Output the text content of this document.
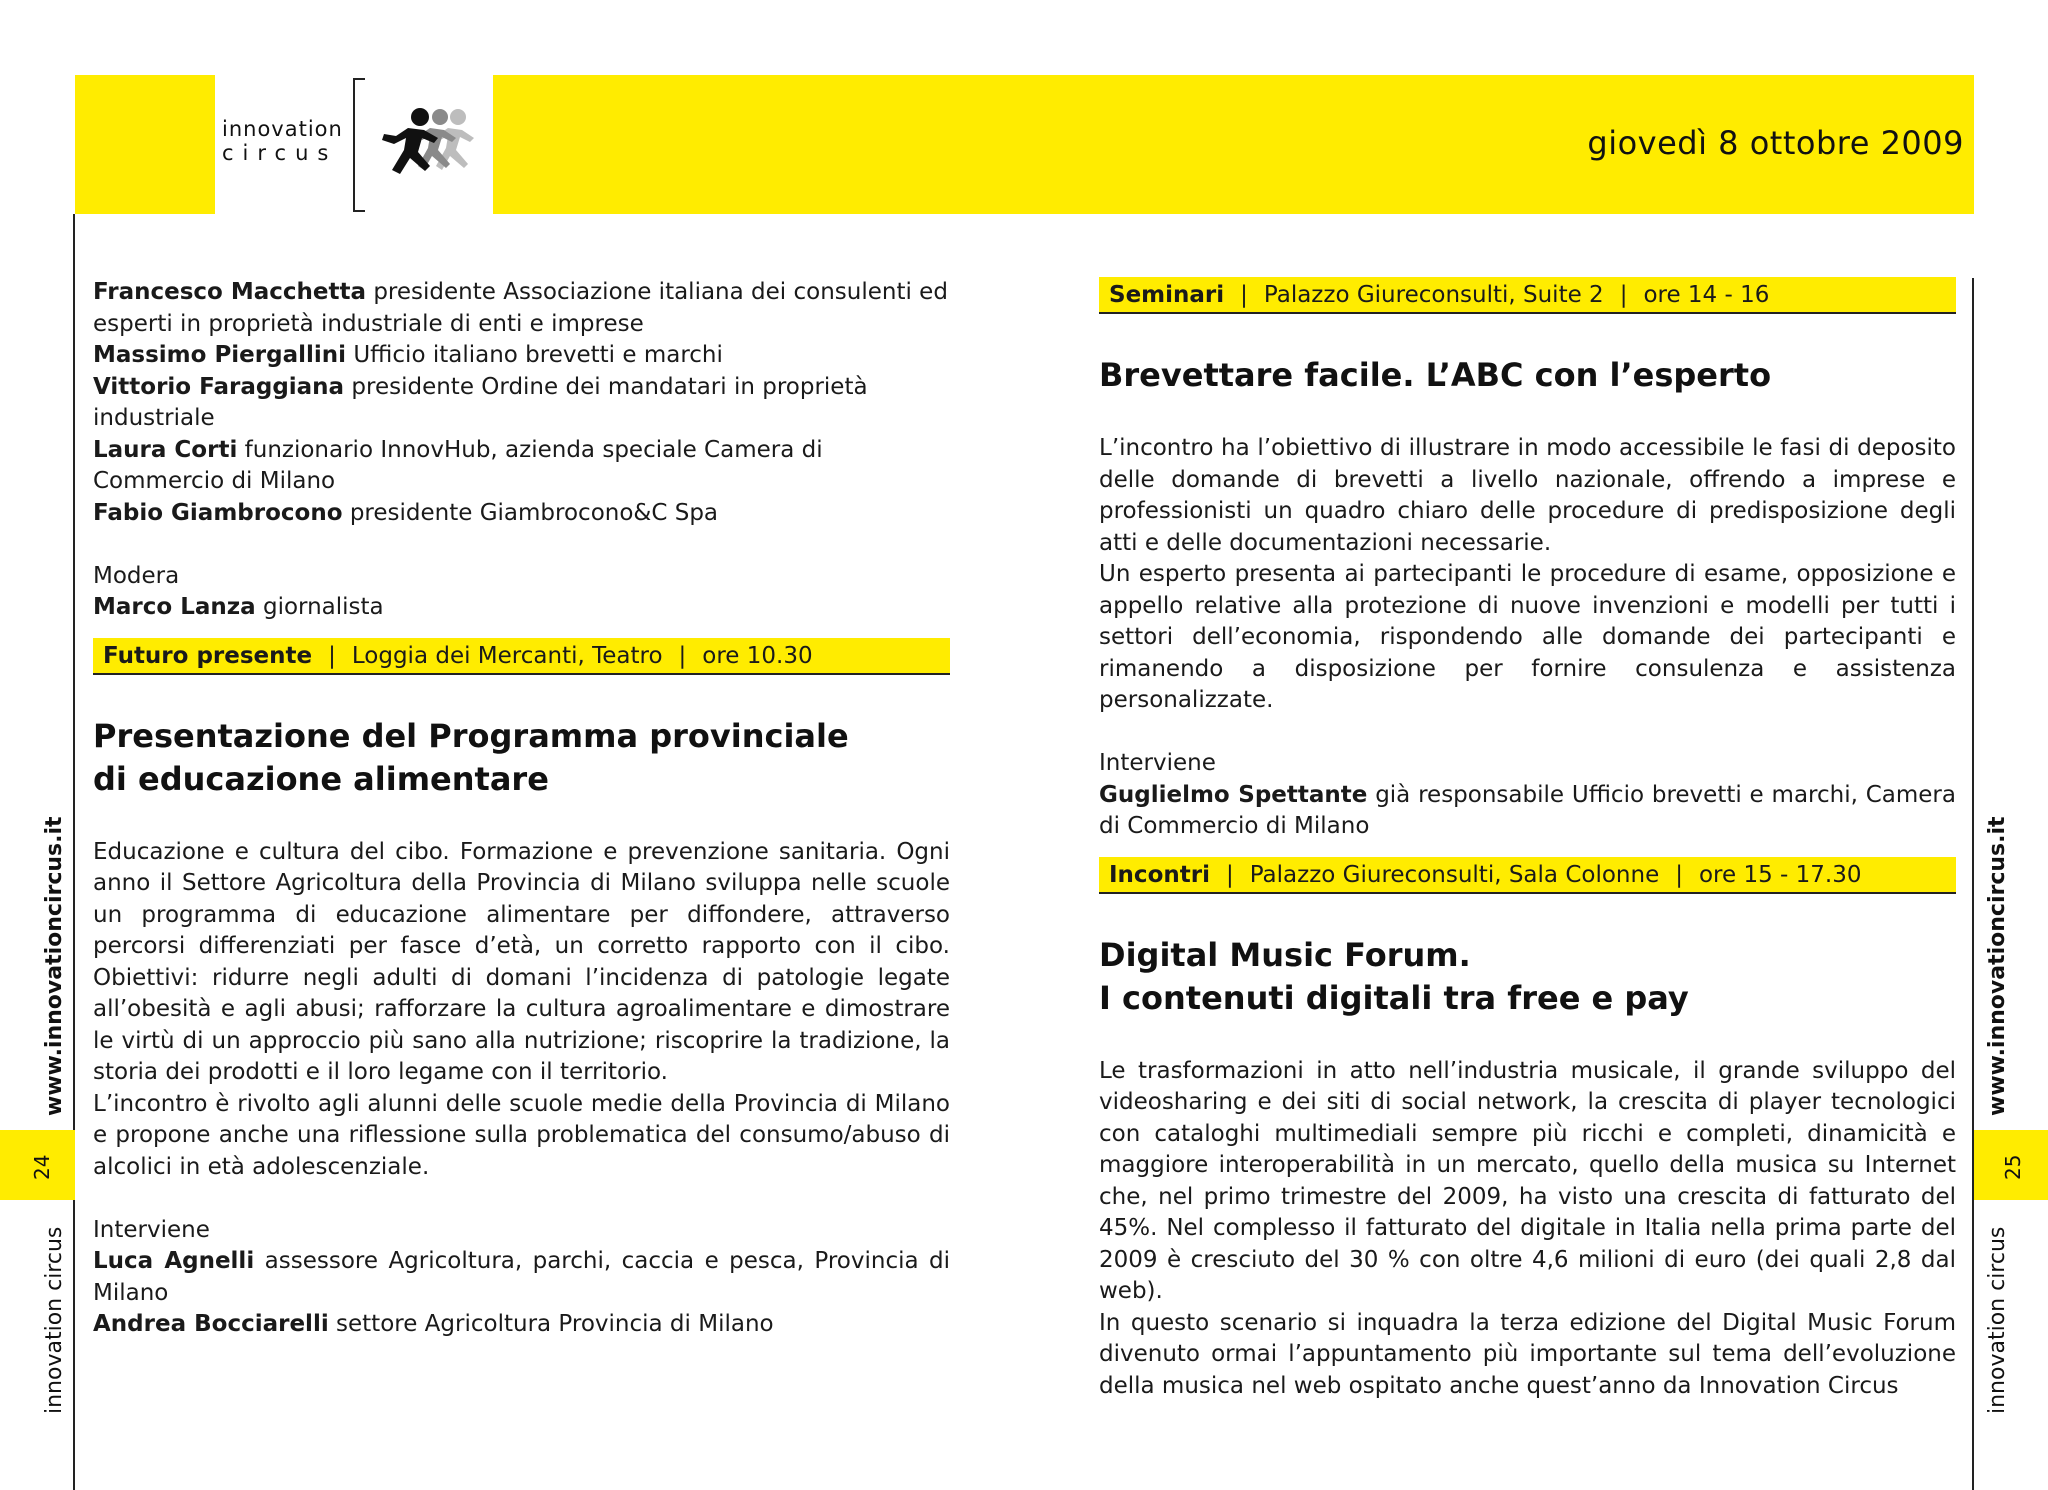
innovation
circus	giovedì 8 ottobre 2009
www.innovationcircus.it
24
innovation circus
www.innovationcircus.it
25
innovation circus
Francesco Macchetta presidente Associazione italiana dei consulenti ed esperti in proprietà industriale di enti e imprese
Massimo Piergallini Ufficio italiano brevetti e marchi
Vittorio Faraggiana presidente Ordine dei mandatari in proprietà industriale
Laura Corti funzionario InnovHub, azienda speciale Camera di Commercio di Milano
Fabio Giambrocono presidente Giambrocono&C Spa
Modera
Marco Lanza giornalista
Futuro presente | Loggia dei Mercanti, Teatro | ore 10.30
Presentazione del Programma provinciale
di educazione alimentare
Educazione e cultura del cibo. Formazione e prevenzione sanitaria. Ogni anno il Settore Agricoltura della Provincia di Milano sviluppa nelle scuole un programma di educazione alimentare per diffondere, attraverso percorsi differenziati per fasce d’età, un corretto rapporto con il cibo. Obiettivi: ridurre negli adulti di domani l’incidenza di patologie legate all’obesità e agli abusi; rafforzare la cultura agroalimentare e dimostrare le virtù di un approccio più sano alla nutrizione; riscoprire la tradizione, la storia dei prodotti e il loro legame con il territorio.
L’incontro è rivolto agli alunni delle scuole medie della Provincia di Milano e propone anche una riflessione sulla problematica del consumo/abuso di alcolici in età adolescenziale.
Interviene
Luca Agnelli assessore Agricoltura, parchi, caccia e pesca, Provincia di Milano
Andrea Bocciarelli settore Agricoltura Provincia di Milano
Seminari | Palazzo Giureconsulti, Suite 2 | ore 14 - 16
Brevettare facile. L’ABC con l’esperto
L’incontro ha l’obiettivo di illustrare in modo accessibile le fasi di deposito delle domande di brevetti a livello nazionale, offrendo a imprese e professionisti un quadro chiaro delle procedure di predisposizione degli atti e delle documentazioni necessarie.
Un esperto presenta ai partecipanti le procedure di esame, opposizione e appello relative alla protezione di nuove invenzioni e modelli per tutti i settori dell’economia, rispondendo alle domande dei partecipanti e rimanendo a disposizione per fornire consulenza e assistenza personalizzate.
Interviene
Guglielmo Spettante già responsabile Ufficio brevetti e marchi, Camera di Commercio di Milano
Incontri | Palazzo Giureconsulti, Sala Colonne | ore 15 - 17.30
Digital Music Forum.
I contenuti digitali tra free e pay
Le trasformazioni in atto nell’industria musicale, il grande sviluppo del videosharing e dei siti di social network, la crescita di player tecnologici con cataloghi multimediali sempre più ricchi e completi, dinamicità e maggiore interoperabilità in un mercato, quello della musica su Internet che, nel primo trimestre del 2009, ha visto una crescita di fatturato del 45%. Nel complesso il fatturato del digitale in Italia nella prima parte del 2009 è cresciuto del 30 % con oltre 4,6 milioni di euro (dei quali 2,8 dal web).
In questo scenario si inquadra la terza edizione del Digital Music Forum divenuto ormai l’appuntamento più importante sul tema dell’evoluzione della musica nel web ospitato anche quest’anno da Innovation Circus
